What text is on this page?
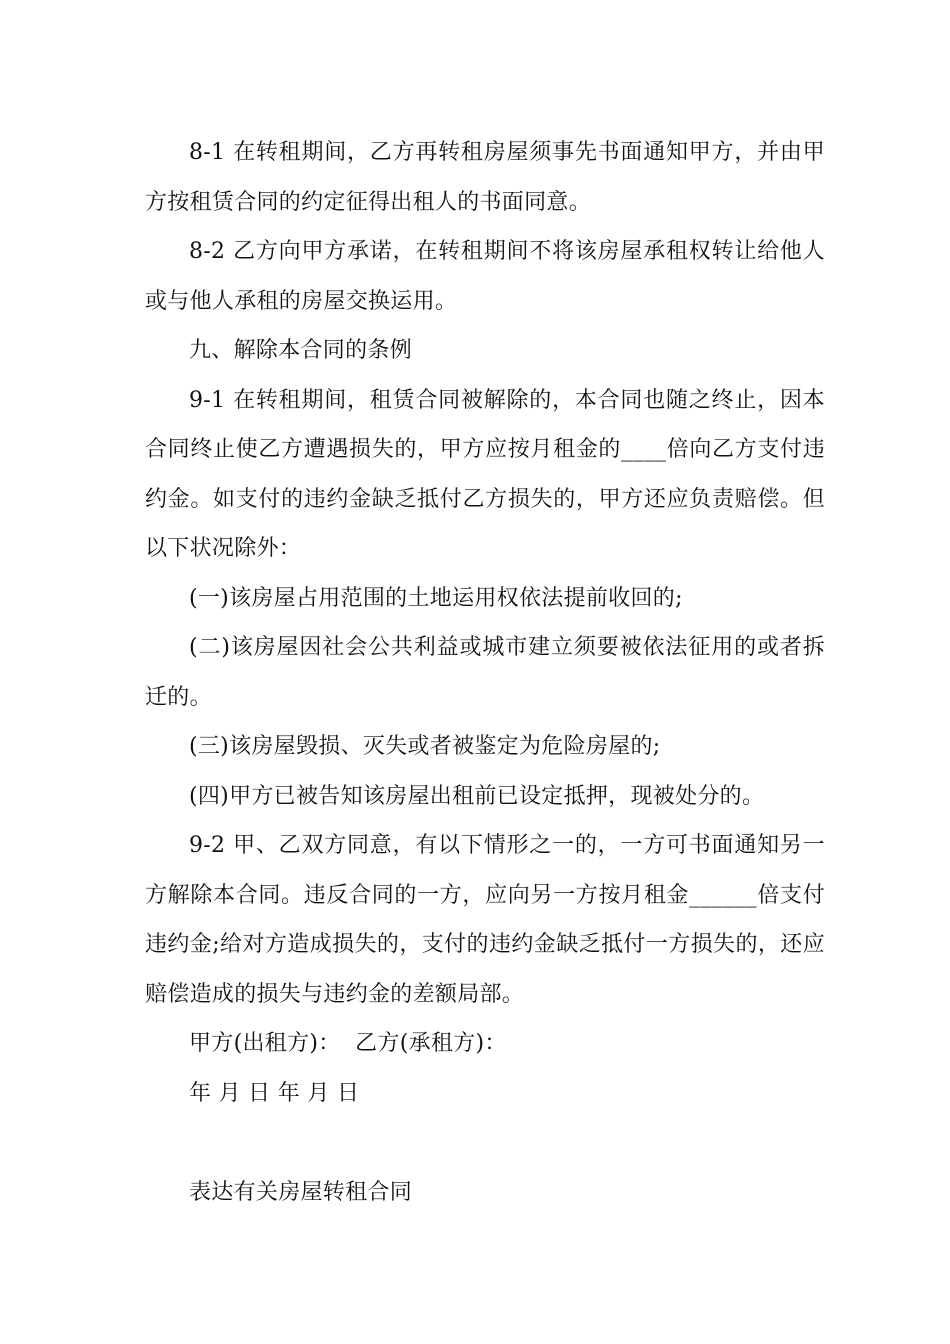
8-1 在转租期间，乙方再转租房屋须事先书面通知甲方，并由甲方按租赁合同的约定征得出租人的书面同意。

8-2 乙方向甲方承诺，在转租期间不将该房屋承租权转让给他人或与他人承租的房屋交换运用。

九、解除本合同的条例

9-1 在转租期间，租赁合同被解除的，本合同也随之终止，因本合同终止使乙方遭遇损失的，甲方应按月租金的____倍向乙方支付违约金。如支付的违约金缺乏抵付乙方损失的，甲方还应负责赔偿。但以下状况除外：

(一)该房屋占用范围的土地运用权依法提前收回的;

(二)该房屋因社会公共利益或城市建立须要被依法征用的或者拆迁的。

(三)该房屋毁损、灭失或者被鉴定为危险房屋的;

(四)甲方已被告知该房屋出租前已设定抵押，现被处分的。

9-2 甲、乙双方同意，有以下情形之一的，一方可书面通知另一方解除本合同。违反合同的一方，应向另一方按月租金______倍支付违约金;给对方造成损失的，支付的违约金缺乏抵付一方损失的，还应赔偿造成的损失与违约金的差额局部。

甲方(出租方)：  乙方(承租方)：

年 月 日 年 月 日

表达有关房屋转租合同
